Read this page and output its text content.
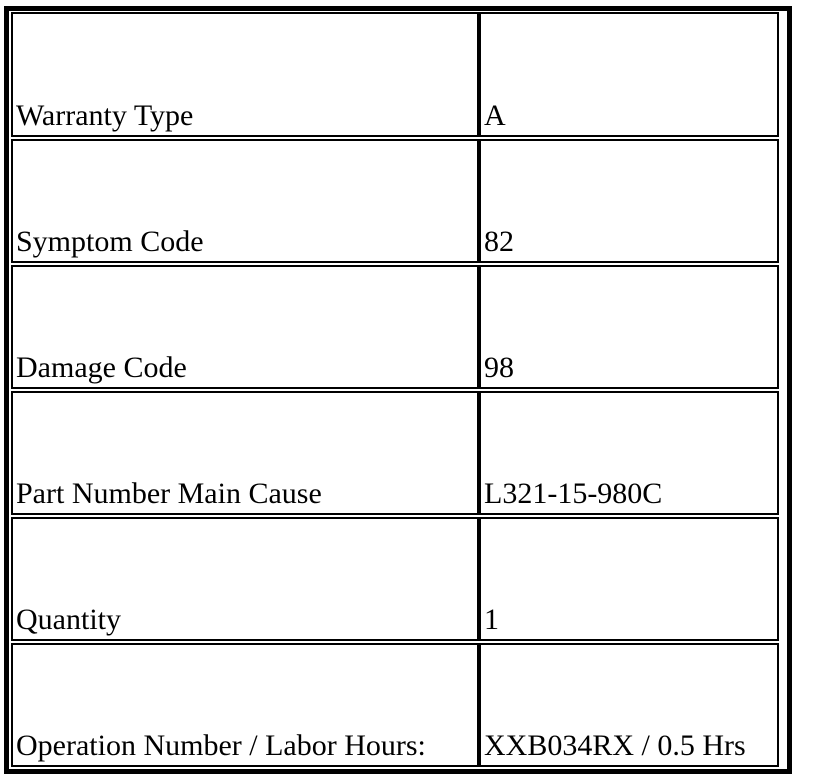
Warranty Type	A
Symptom Code	82
Damage Code	98
Part Number Main Cause	L321-15-980C
Quantity	1
Operation Number / Labor Hours: XXB034RX / 0.5 Hrs
